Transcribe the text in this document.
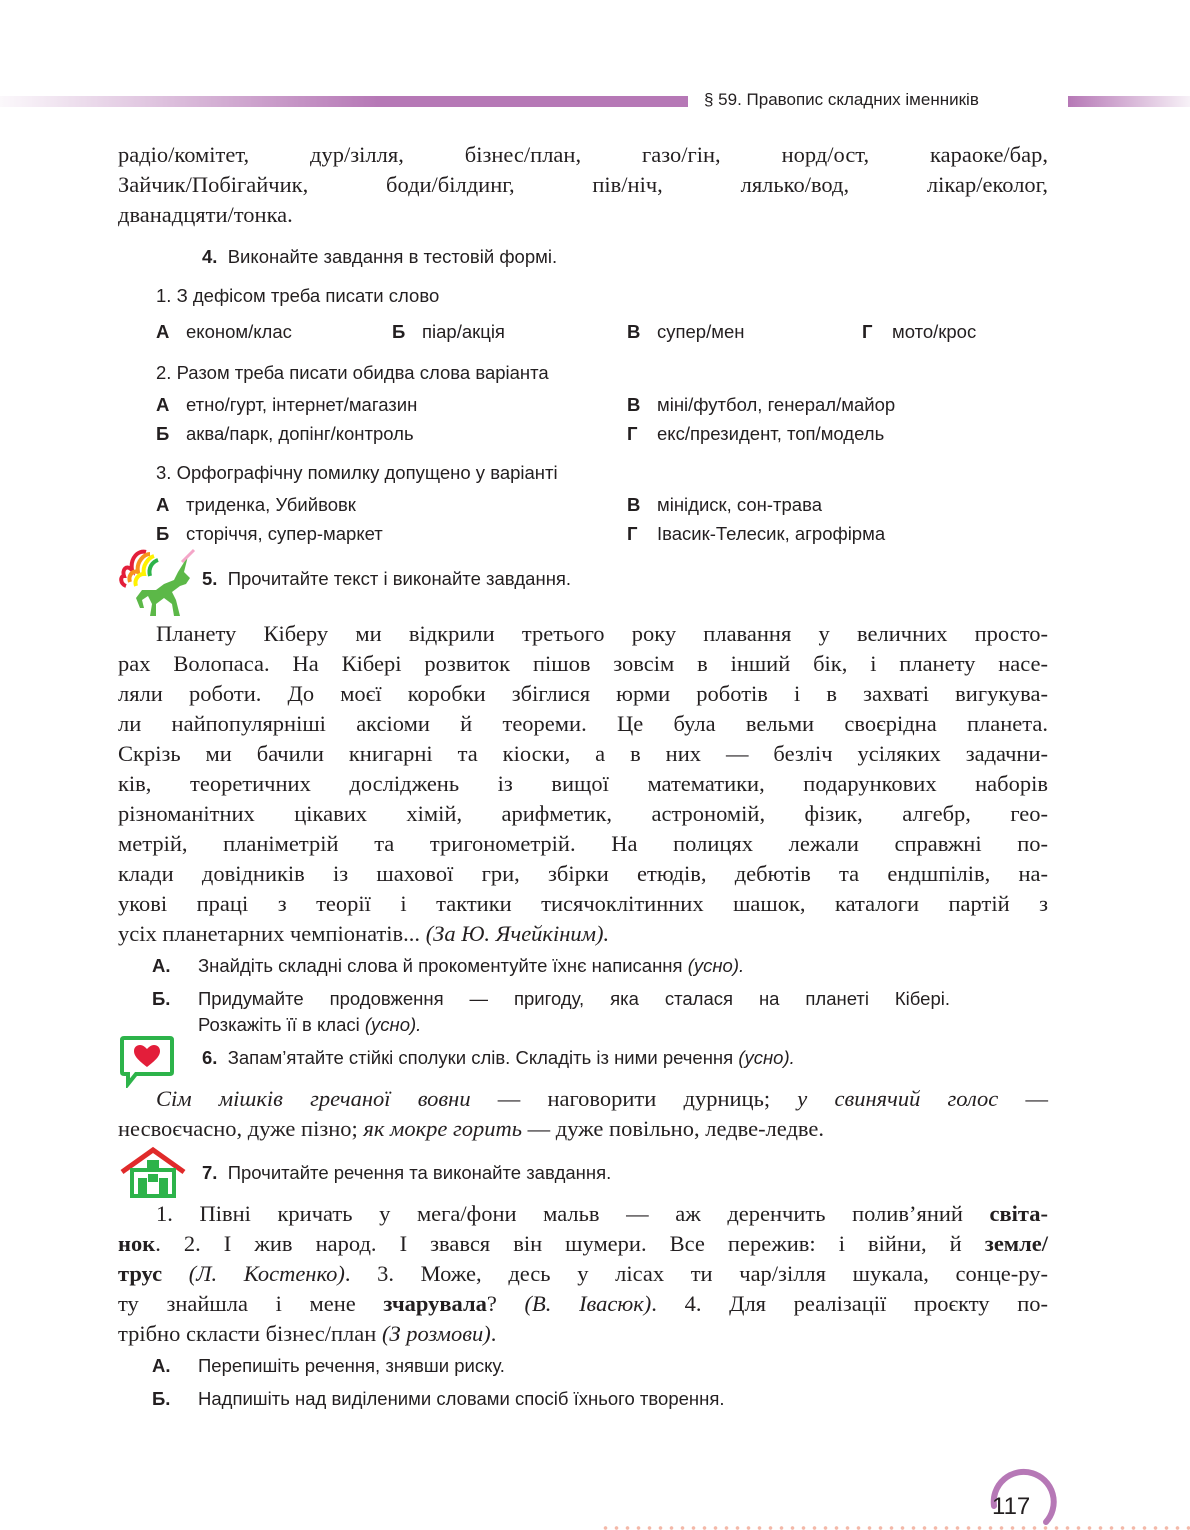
§ 59. Правопис складних іменників
радіо/комітет, дур/зілля, бізнес/план, газо/гін, норд/ост, караоке/бар,
Зайчик/Побігайчик, боди/білдинг, пів/ніч, лялько/вод, лікар/еколог,
дванадцяти/тонка.
4. Виконайте завдання в тестовій формі.
1. З дефісом треба писати слово
А економ/клас	Б піар/акція	В супер/мен	Г мото/крос
2. Разом треба писати обидва слова варіанта
А етно/гурт, інтернет/магазин	В міні/футбол, генерал/майор
Б аква/парк, допінг/контроль	Г екс/президент, топ/модель
3. Орфографічну помилку допущено у варіанті
А триденка, Убийвовк	В мінідиск, сон-трава
Б сторіччя, супер-маркет	Г Івасик-Телесик, агрофірма
5. Прочитайте текст і виконайте завдання.
Планету Кіберу ми відкрили третього року плавання у величних просто-
рах Волопаса. На Кібері розвиток пішов зовсім в інший бік, і планету насе-
ляли роботи. До моєї коробки збіглися юрми роботів і в захваті вигукува-
ли найпопулярніші аксіоми й теореми. Це була вельми своєрідна планета.
Скрізь ми бачили книгарні та кіоски, а в них — безліч усіляких задачни-
ків, теоретичних досліджень із вищої математики, подарункових наборів
різноманітних цікавих хімій, арифметик, астрономій, фізик, алгебр, гео-
метрій, планіметрій та тригонометрій. На полицях лежали справжні по-
клади довідників із шахової гри, збірки етюдів, дебютів та ендшпілів, на-
укові праці з теорії і тактики тисячоклітинних шашок, каталоги партій з
усіх планетарних чемпіонатів... (За Ю. Ячейкіним).
А. Знайдіть складні слова й прокоментуйте їхнє написання (усно).
Б. Придумайте продовження — пригоду, яка сталася на планеті Кібері.
Розкажіть її в класі (усно).
6. Запам’ятайте стійкі сполуки слів. Складіть із ними речення (усно).
Сім мішків гречаної вовни — наговорити дурниць; у свинячий голос —
несвоєчасно, дуже пізно; як мокре горить — дуже повільно, ледве-ледве.
7. Прочитайте речення та виконайте завдання.
1. Півні кричать у мега/фони мальв — аж деренчить полив’яний світа-
нок. 2. І жив народ. І звався він шумери. Все пережив: і війни, й земле/
трус (Л. Костенко). 3. Може, десь у лісах ти чар/зілля шукала, сонце-ру-
ту знайшла і мене зчарувала? (В. Івасюк). 4. Для реалізації проєкту по-
трібно скласти бізнес/план (З розмови).
А. Перепишіть речення, знявши риску.
Б. Надпишіть над виділеними словами спосіб їхнього творення.
117
